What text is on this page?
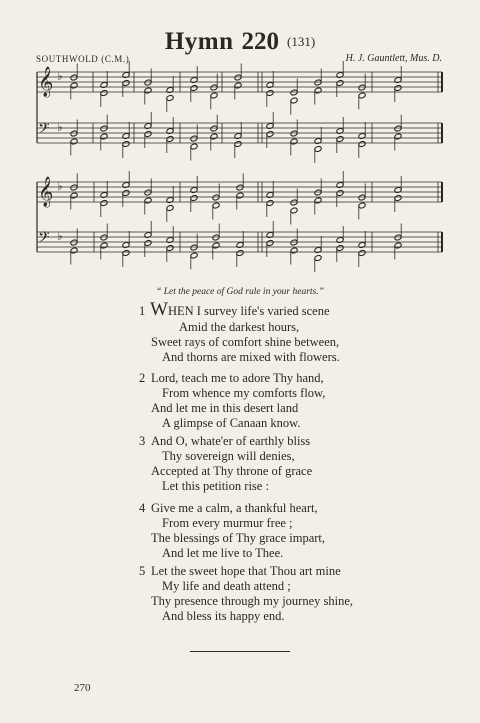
Hymn 220 (131)
SOUTHWOLD (C.M.)	H. J. Gauntlett, Mus. D.
𝄞 ♭
𝄢 ♭
𝄞 ♭
𝄢 ♭
“ Let the peace of God rule in your hearts.”
1 WHEN I survey life's varied scene
Amid the darkest hours,
Sweet rays of comfort shine between,
And thorns are mixed with flowers.
2 Lord, teach me to adore Thy hand,
From whence my comforts flow,
And let me in this desert land
A glimpse of Canaan know.
3 And O, whate'er of earthly bliss
Thy sovereign will denies,
Accepted at Thy throne of grace
Let this petition rise :
4 Give me a calm, a thankful heart,
From every murmur free ;
The blessings of Thy grace impart,
And let me live to Thee.
5 Let the sweet hope that Thou art mine
My life and death attend ;
Thy presence through my journey shine,
And bless its happy end.
270
